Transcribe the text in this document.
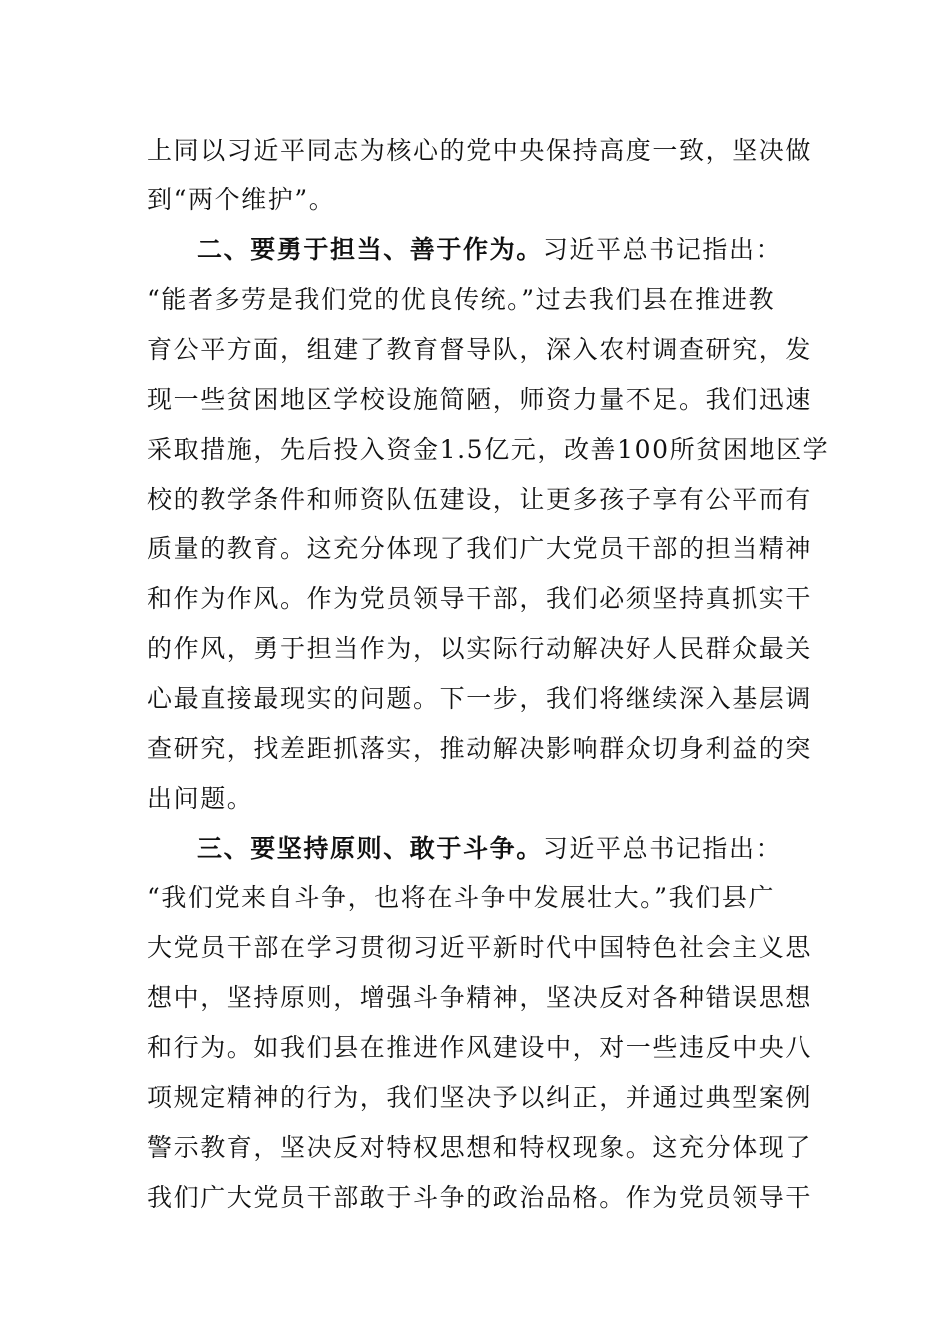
上同以习近平同志为核心的党中央保持高度一致，坚决做
到“两个维护”。
二、要勇于担当、善于作为。习近平总书记指出：
“能者多劳是我们党的优良传统。”过去我们县在推进教
育公平方面，组建了教育督导队，深入农村调查研究，发
现一些贫困地区学校设施简陋，师资力量不足。我们迅速
采取措施，先后投入资金1.5亿元，改善100所贫困地区学
校的教学条件和师资队伍建设，让更多孩子享有公平而有
质量的教育。这充分体现了我们广大党员干部的担当精神
和作为作风。作为党员领导干部，我们必须坚持真抓实干
的作风，勇于担当作为，以实际行动解决好人民群众最关
心最直接最现实的问题。下一步，我们将继续深入基层调
查研究，找差距抓落实，推动解决影响群众切身利益的突
出问题。
三、要坚持原则、敢于斗争。习近平总书记指出：
“我们党来自斗争，也将在斗争中发展壮大。”我们县广
大党员干部在学习贯彻习近平新时代中国特色社会主义思
想中，坚持原则，增强斗争精神，坚决反对各种错误思想
和行为。如我们县在推进作风建设中，对一些违反中央八
项规定精神的行为，我们坚决予以纠正，并通过典型案例
警示教育，坚决反对特权思想和特权现象。这充分体现了
我们广大党员干部敢于斗争的政治品格。作为党员领导干
